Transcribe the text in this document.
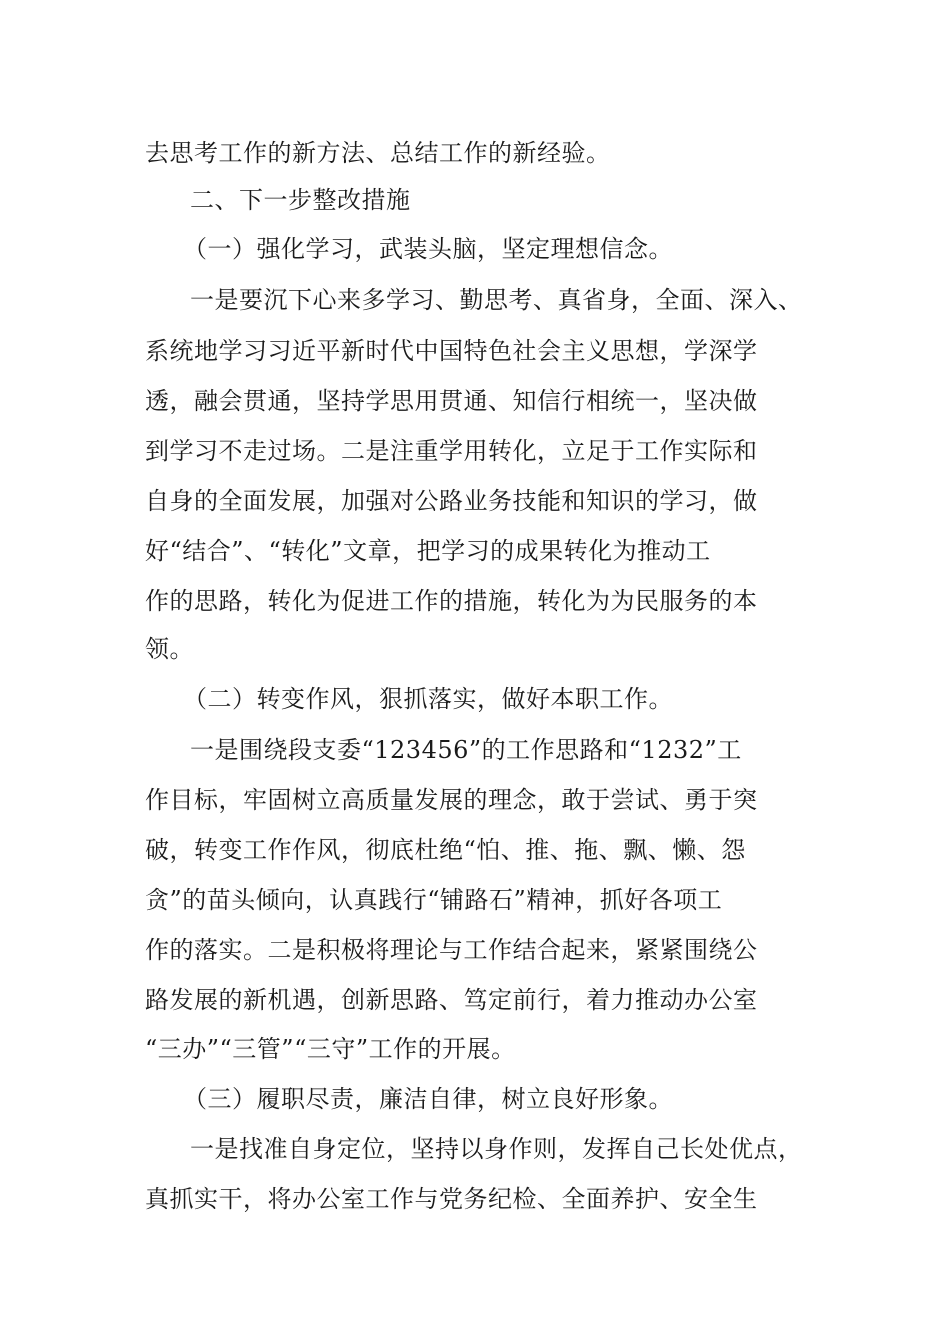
去思考工作的新方法、总结工作的新经验。
二、下一步整改措施
（一）强化学习，武装头脑，坚定理想信念。
一是要沉下心来多学习、勤思考、真省身，全面、深入、
系统地学习习近平新时代中国特色社会主义思想，学深学
透，融会贯通，坚持学思用贯通、知信行相统一，坚决做
到学习不走过场。二是注重学用转化，立足于工作实际和
自身的全面发展，加强对公路业务技能和知识的学习，做
好“结合”、“转化”文章，把学习的成果转化为推动工
作的思路，转化为促进工作的措施，转化为为民服务的本
领。
（二）转变作风，狠抓落实，做好本职工作。
一是围绕段支委“123456”的工作思路和“1232”工
作目标，牢固树立高质量发展的理念，敢于尝试、勇于突
破，转变工作作风，彻底杜绝“怕、推、拖、飘、懒、怨
贪”的苗头倾向，认真践行“铺路石”精神，抓好各项工
作的落实。二是积极将理论与工作结合起来，紧紧围绕公
路发展的新机遇，创新思路、笃定前行，着力推动办公室
“三办”“三管”“三守”工作的开展。
（三）履职尽责，廉洁自律，树立良好形象。
一是找准自身定位，坚持以身作则，发挥自己长处优点，
真抓实干，将办公室工作与党务纪检、全面养护、安全生
